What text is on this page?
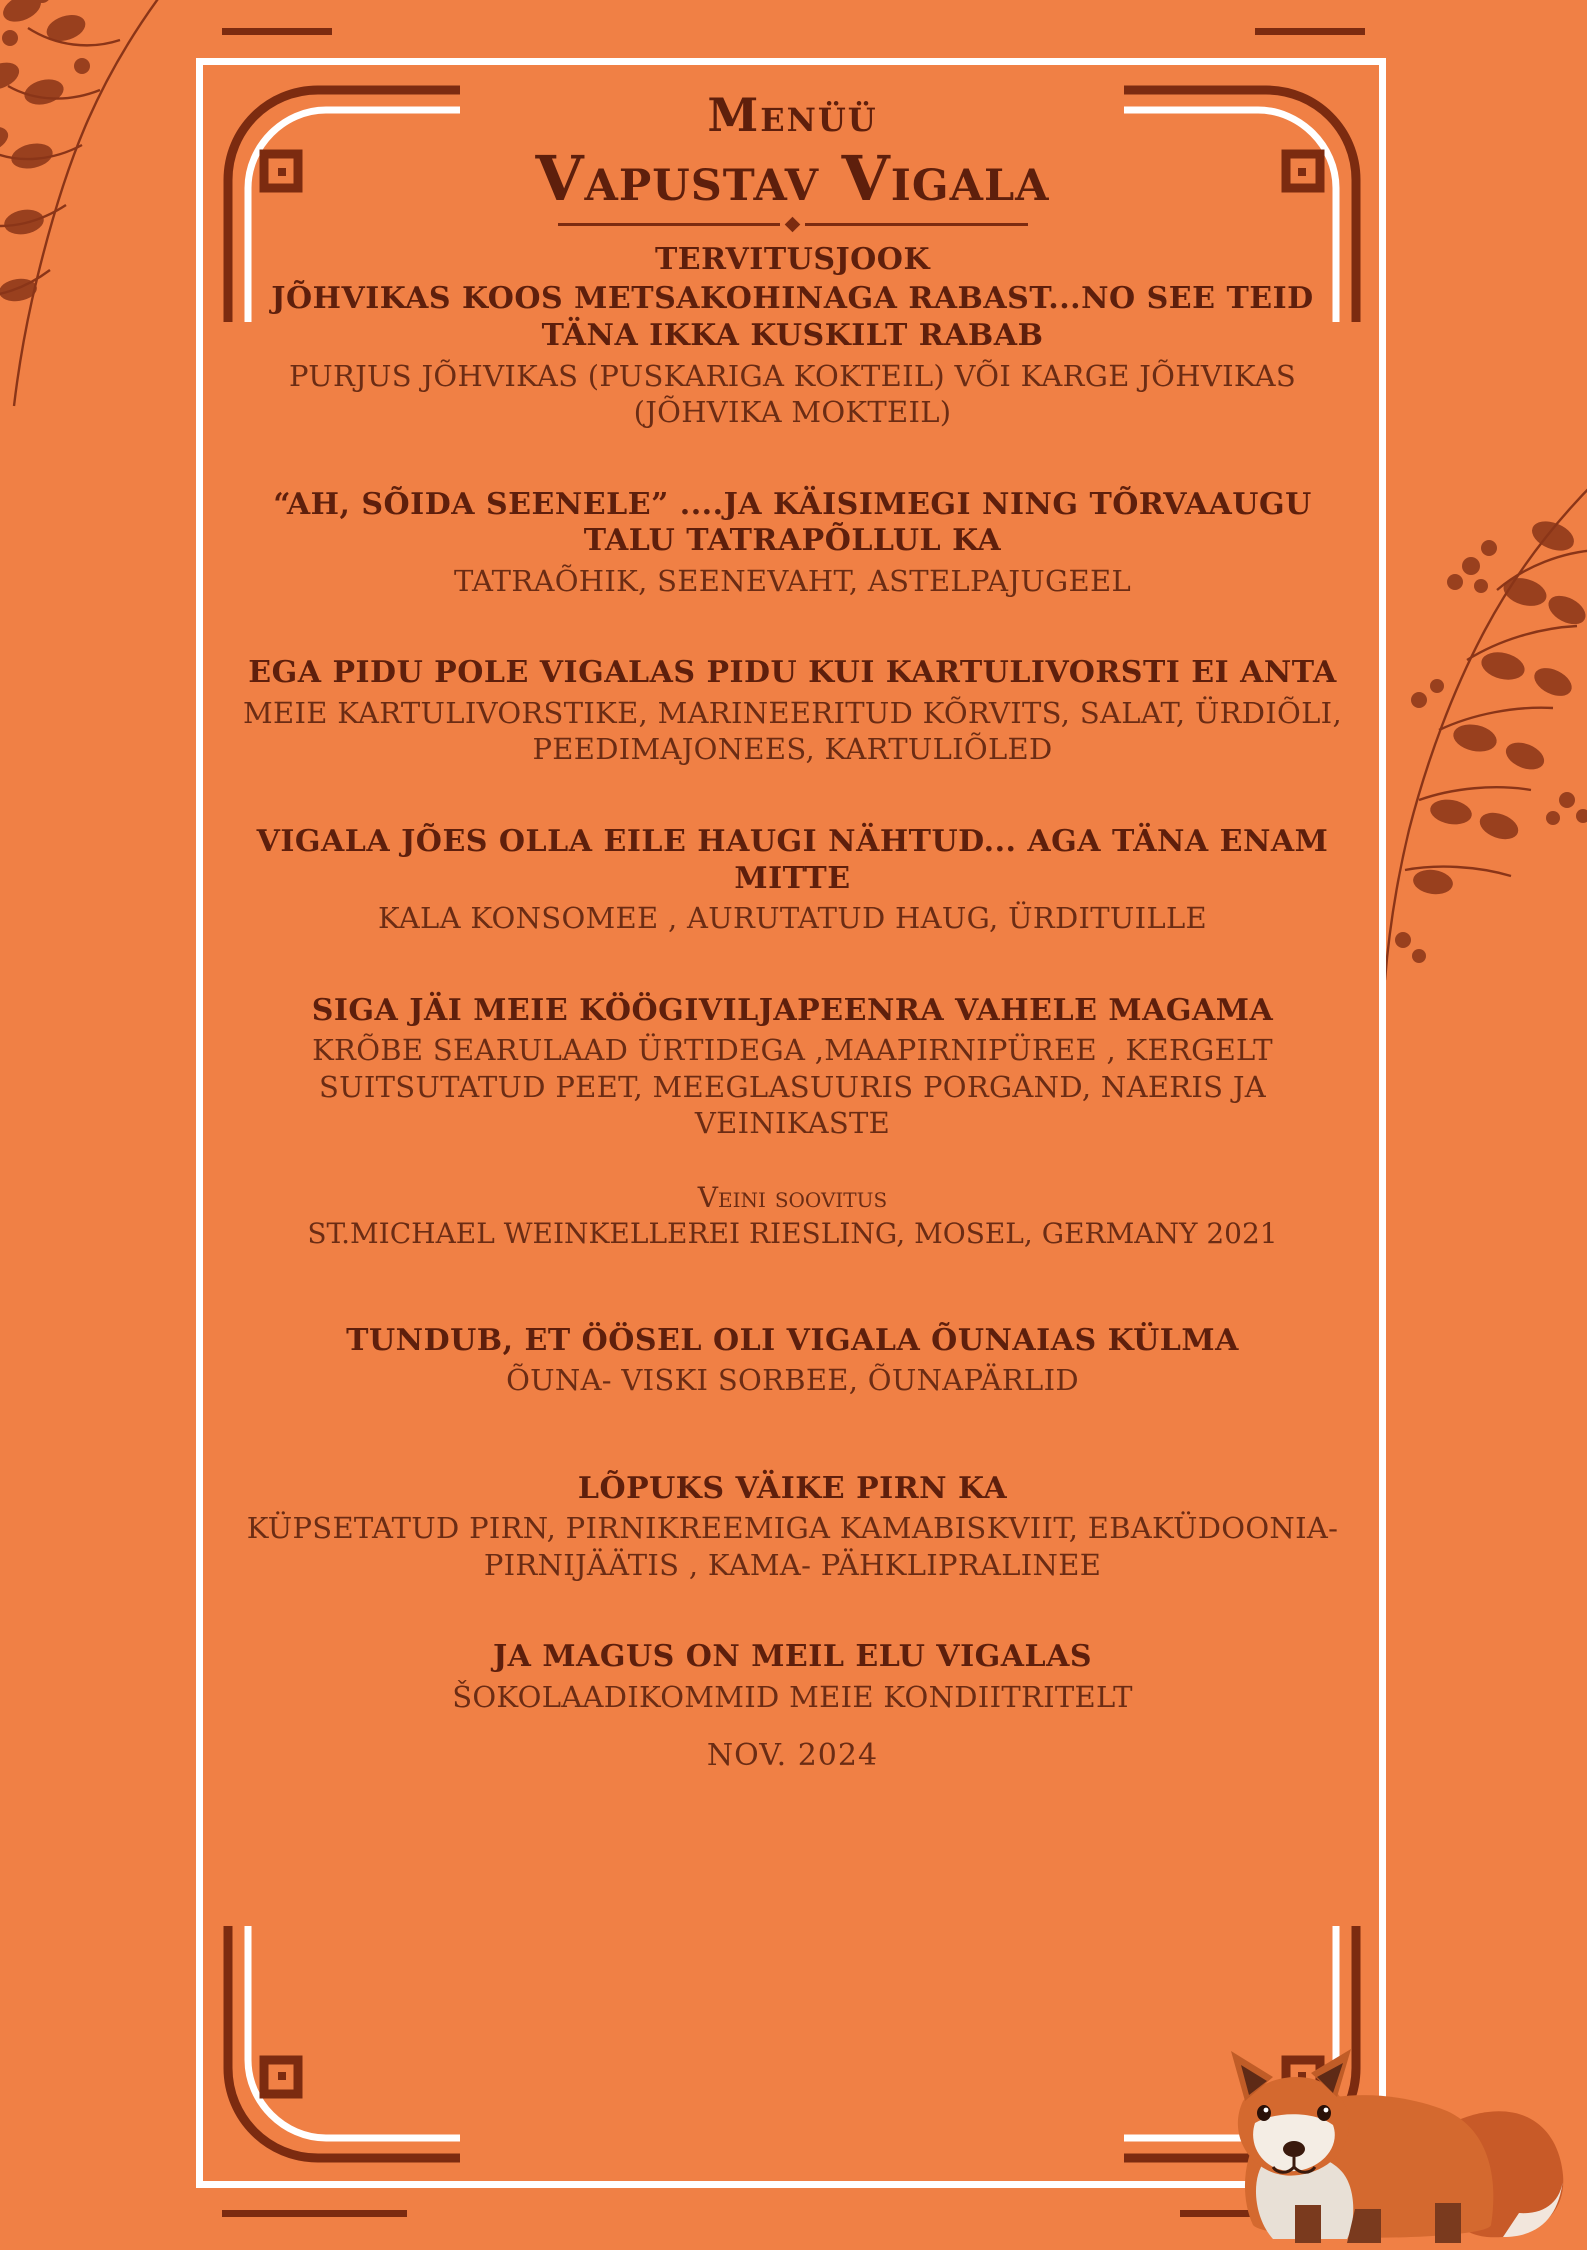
Menüü
Vapustav Vigala
TERVITUSJOOK
JÕHVIKAS KOOS METSAKOHINAGA RABAST...NO SEE TEID TÄNA IKKA KUSKILT RABAB
PURJUS JÕHVIKAS (PUSKARIGA KOKTEIL) VÕI KARGE JÕHVIKAS (JÕHVIKA MOKTEIL)
“AH, SÕIDA SEENELE” ....JA KÄISIMEGI NING TÕRVAAUGU TALU TATRAPÕLLUL KA
TATRAÕHIK, SEENEVAHT, ASTELPAJUGEEL
EGA PIDU POLE VIGALAS PIDU KUI KARTULIVORSTI EI ANTA
MEIE KARTULIVORSTIKE, MARINEERITUD KÕRVITS, SALAT, ÜRDIÕLI, PEEDIMAJONEES, KARTULIÕLED
VIGALA JÕES OLLA EILE HAUGI NÄHTUD... AGA TÄNA ENAM MITTE
KALA KONSOMEE , AURUTATUD HAUG, ÜRDITUILLE
SIGA JÄI MEIE KÖÖGIVILJAPEENRA VAHELE MAGAMA
KRÕBE SEARULAAD ÜRTIDEGA ,MAAPIRNIPÜREE , KERGELT SUITSUTATUD PEET, MEEGLASUURIS PORGAND, NAERIS JA VEINIKASTE
Veini soovitus
ST.MICHAEL WEINKELLEREI RIESLING, MOSEL, GERMANY 2021
TUNDUB, ET ÖÖSEL OLI VIGALA ÕUNAIAS KÜLMA
ÕUNA- VISKI SORBEE, ÕUNAPÄRLID
LÕPUKS VÄIKE PIRN KA
KÜPSETATUD PIRN, PIRNIKREEMIGA KAMABISKVIIT, EBAKÜDOONIA-PIRNIJÄÄTIS , KAMA- PÄHKLIPRALINEE
JA MAGUS ON MEIL ELU VIGALAS
ŠOKOLAADIKOMMID MEIE KONDIITRITELT
NOV. 2024
